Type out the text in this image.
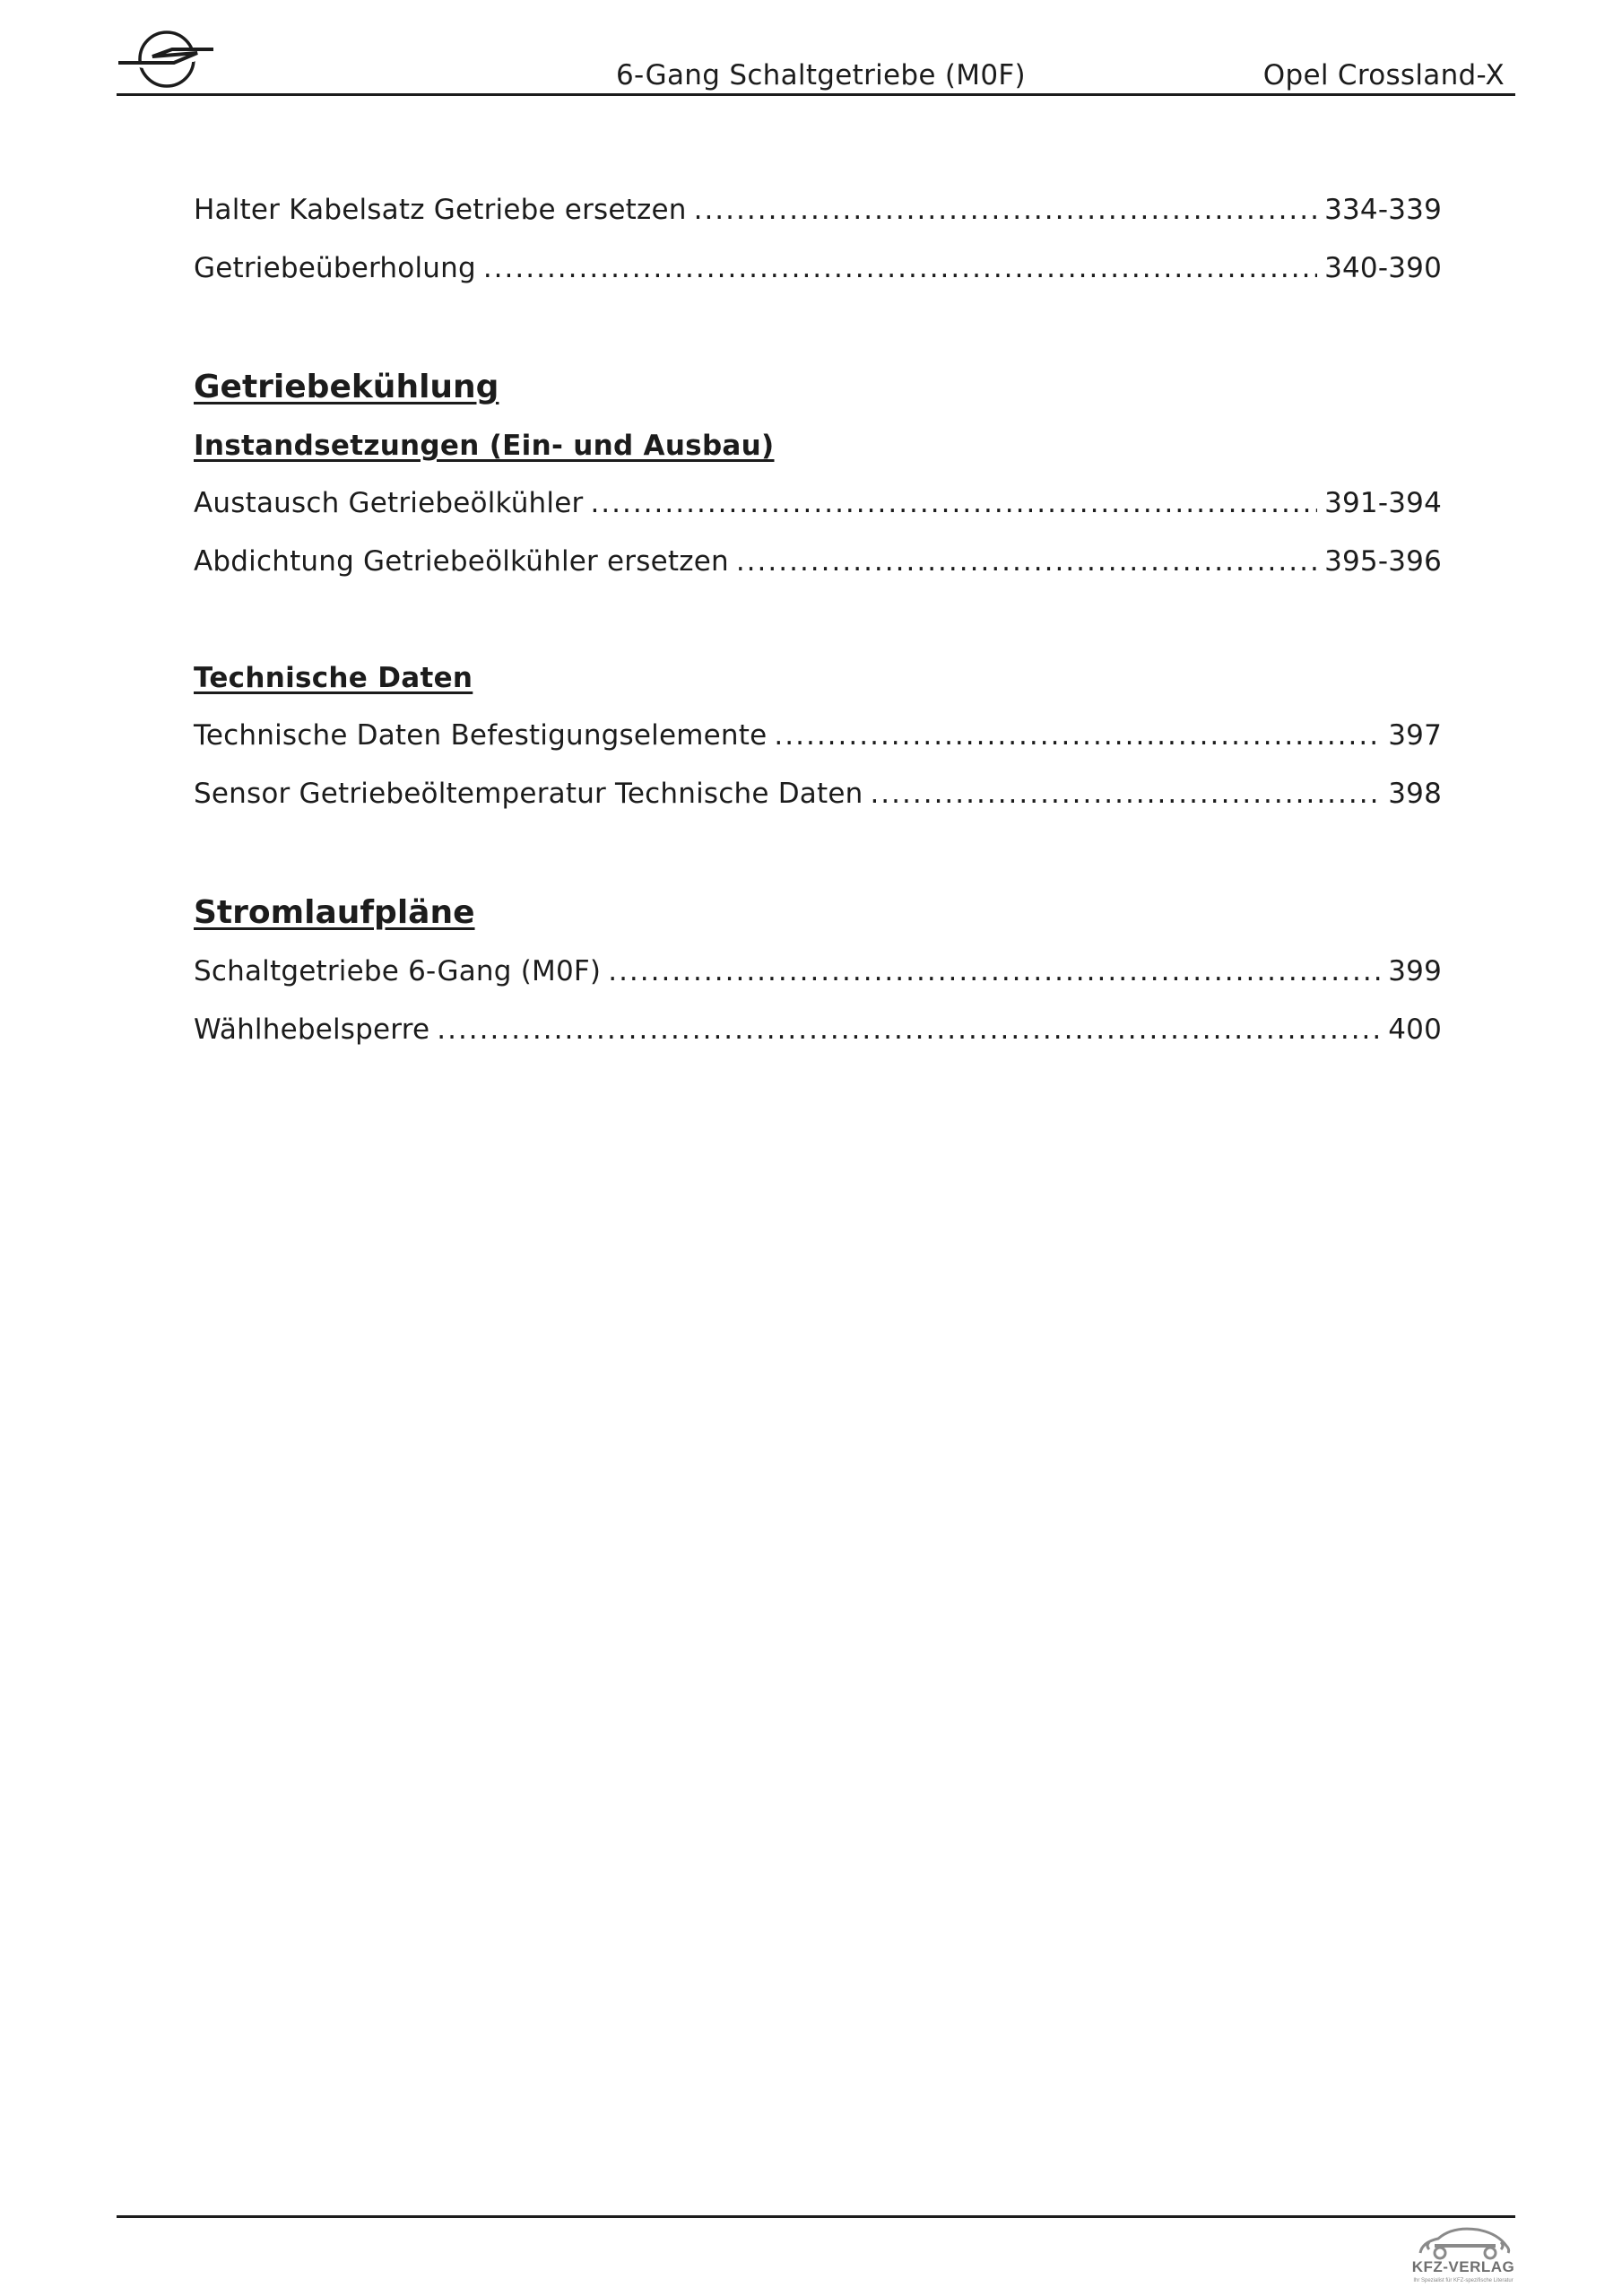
6-Gang Schaltgetriebe (M0F)	Opel Crossland-X
Halter Kabelsatz Getriebe ersetzen .....	334-339
Getriebeüberholung .....	340-390
Getriebekühlung
Instandsetzungen (Ein- und Ausbau)
Austausch Getriebeölkühler .....	391-394
Abdichtung Getriebeölkühler ersetzen .....	395-396
Technische Daten
Technische Daten Befestigungselemente .....	397
Sensor Getriebeöltemperatur Technische Daten .....	398
Stromlaufpläne
Schaltgetriebe 6-Gang (M0F) .....	399
Wählhebelsperre .....	400
KFZ-VERLAG
Ihr Spezialist für KFZ-spezifische Literatur
